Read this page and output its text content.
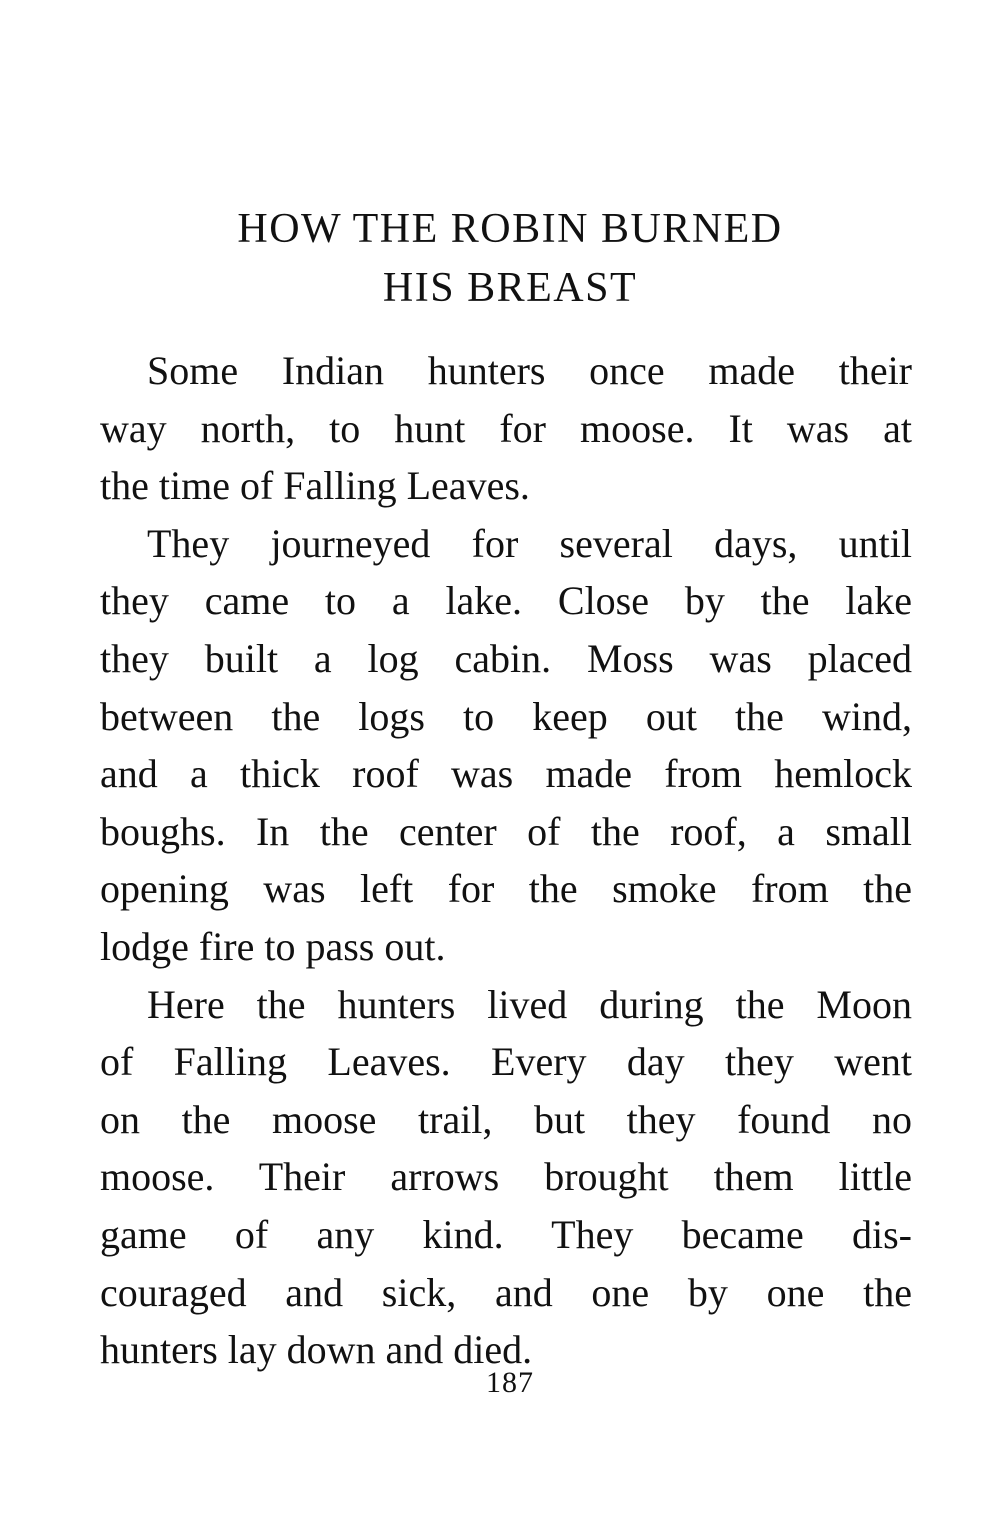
HOW THE ROBIN BURNED
HIS BREAST

Some Indian hunters once made their
way north, to hunt for moose. It was at
the time of Falling Leaves.

They journeyed for several days, until
they came to a lake. Close by the lake
they built a log cabin. Moss was placed
between the logs to keep out the wind,
and a thick roof was made from hemlock
boughs. In the center of the roof, a small
opening was left for the smoke from the
lodge fire to pass out.

Here the hunters lived during the Moon
of Falling Leaves. Every day they went
on the moose trail, but they found no
moose. Their arrows brought them little
game of any kind. They became dis-
couraged and sick, and one by one the
hunters lay down and died.

187
